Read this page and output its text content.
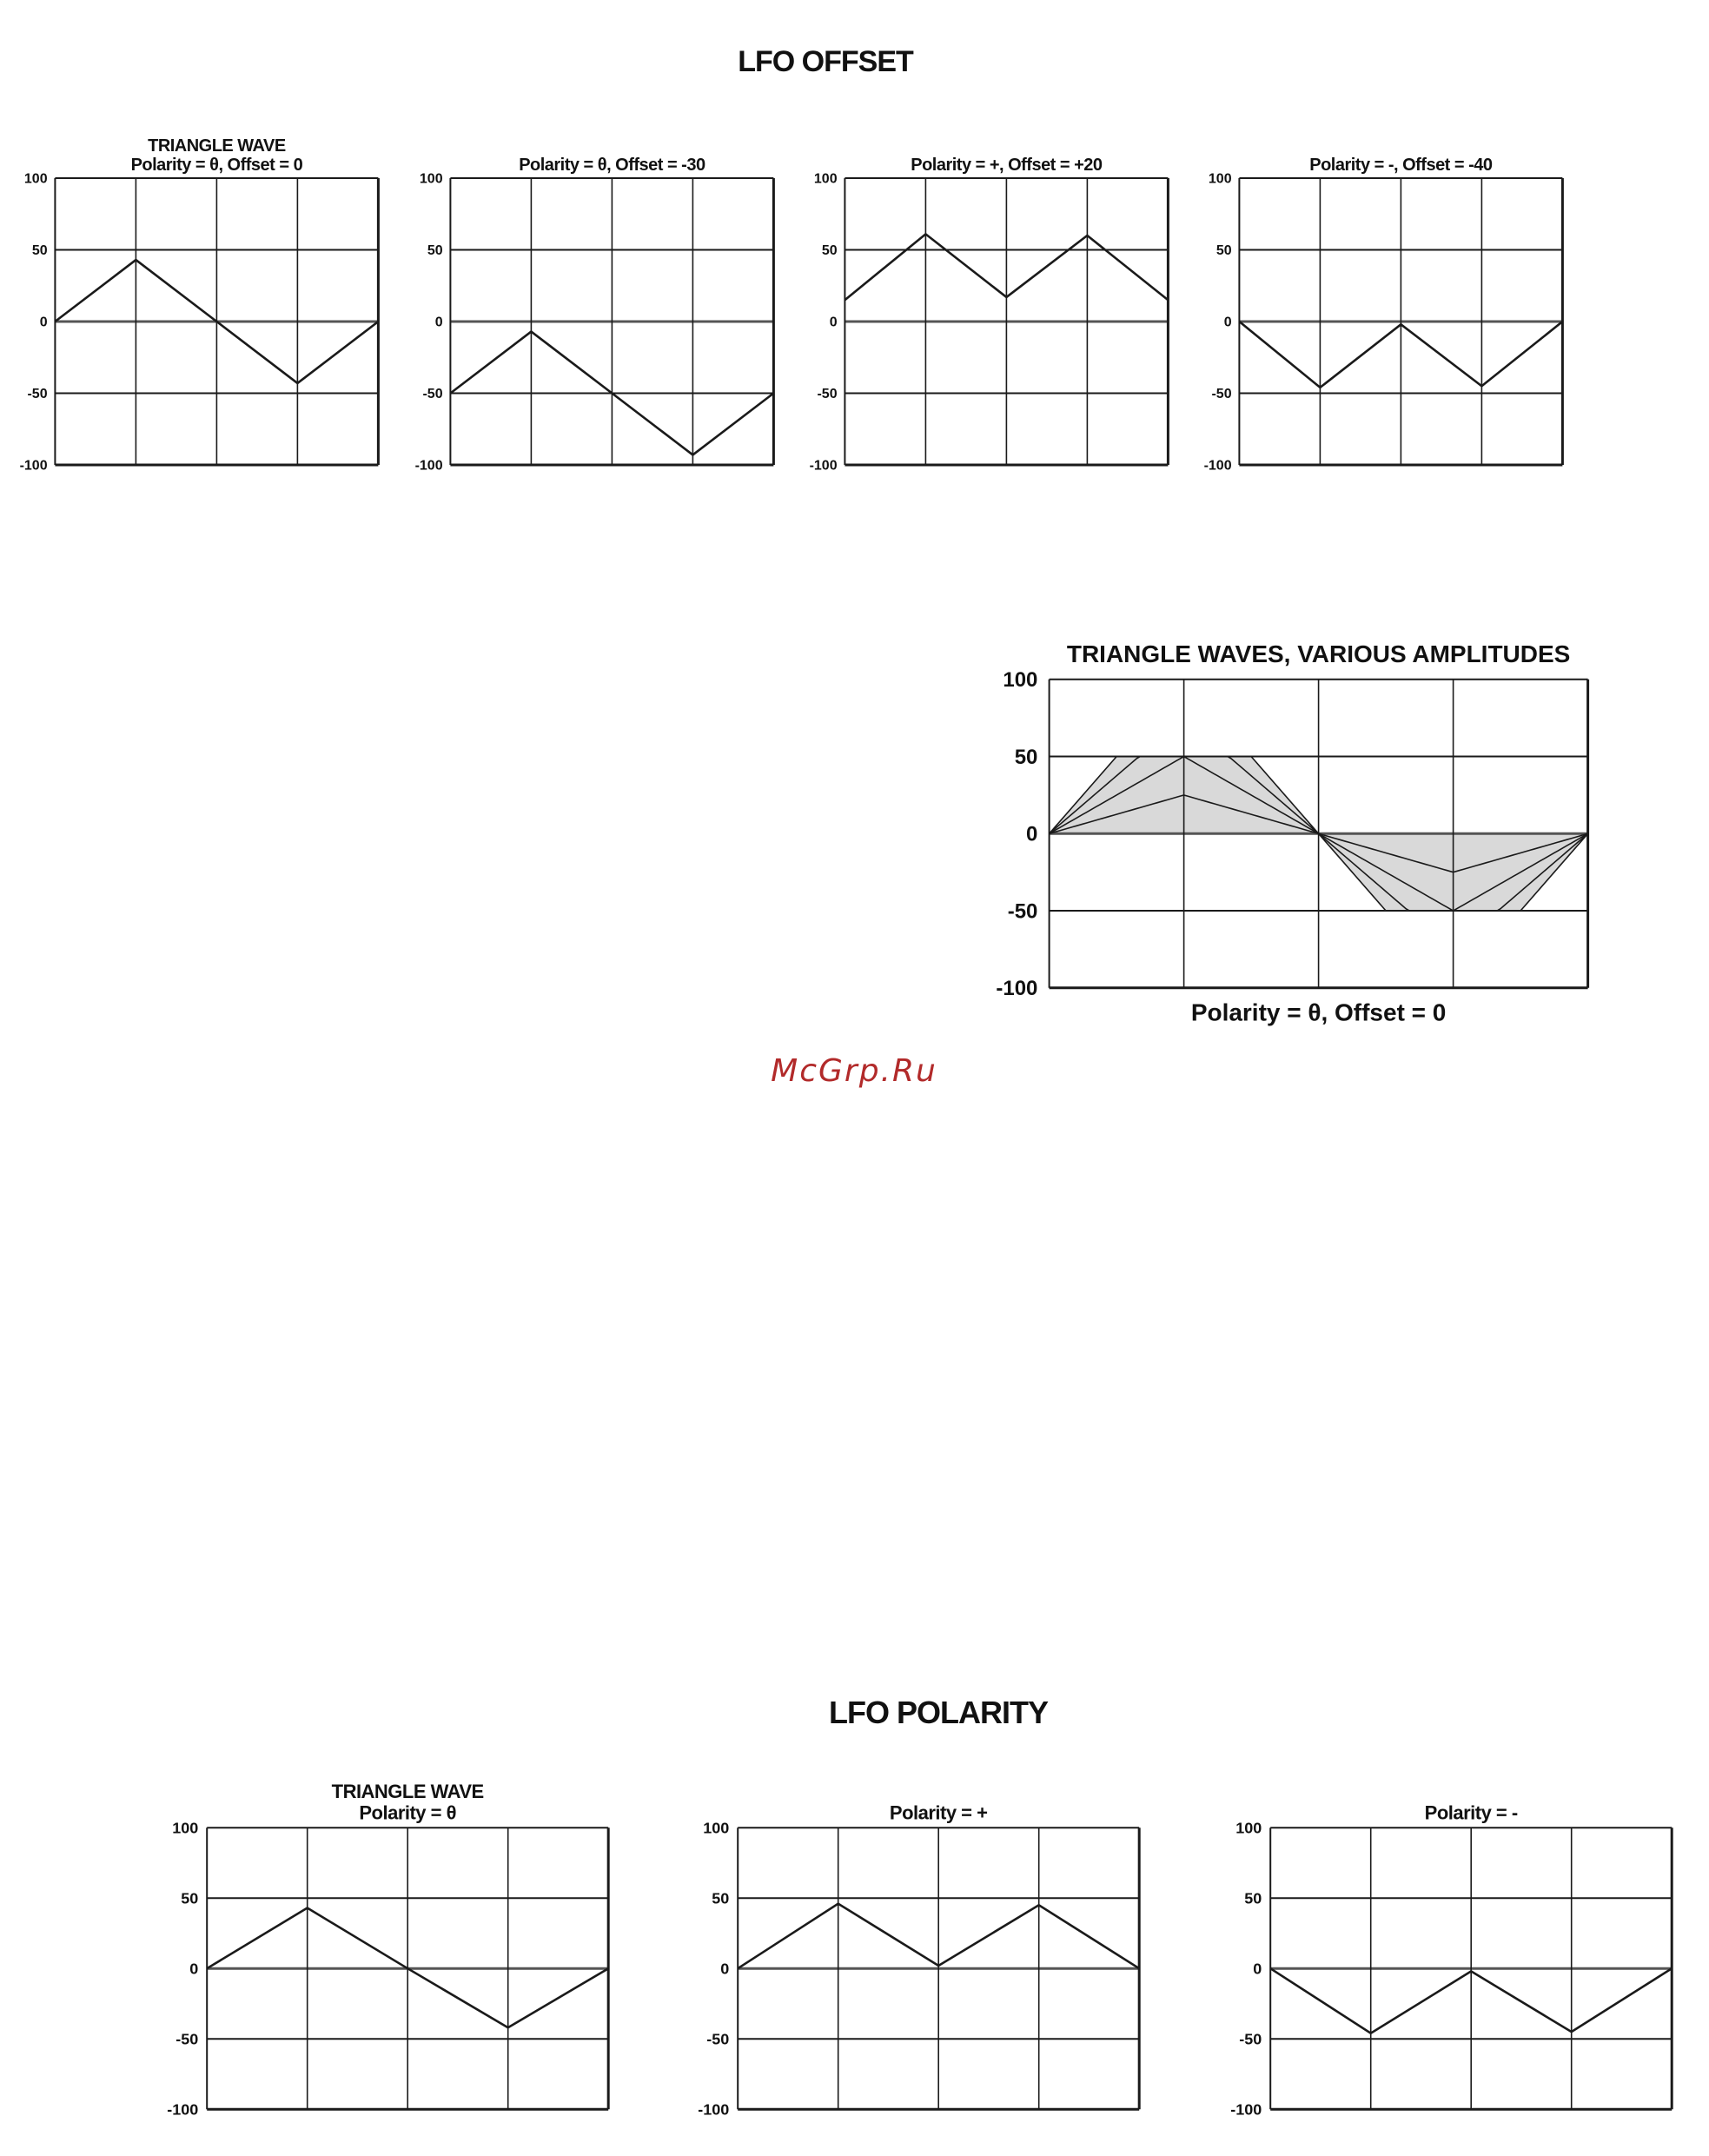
LFO OFFSET
TRIANGLE WAVE
Polarity = θ, Offset = 0
100
50
0
-50
-100
Polarity = θ, Offset = -30
100
50
0
-50
-100
Polarity = +, Offset = +20
100
50
0
-50
-100
Polarity = -, Offset = -40
100
50
0
-50
-100
TRIANGLE WAVES, VARIOUS AMPLITUDES
Polarity = θ, Offset = 0
100
50
0
-50
-100
McGrp.Ru
LFO POLARITY
TRIANGLE WAVE
Polarity = θ
100
50
0
-50
-100
Polarity = +
100
50
0
-50
-100
Polarity = -
100
50
0
-50
-100
